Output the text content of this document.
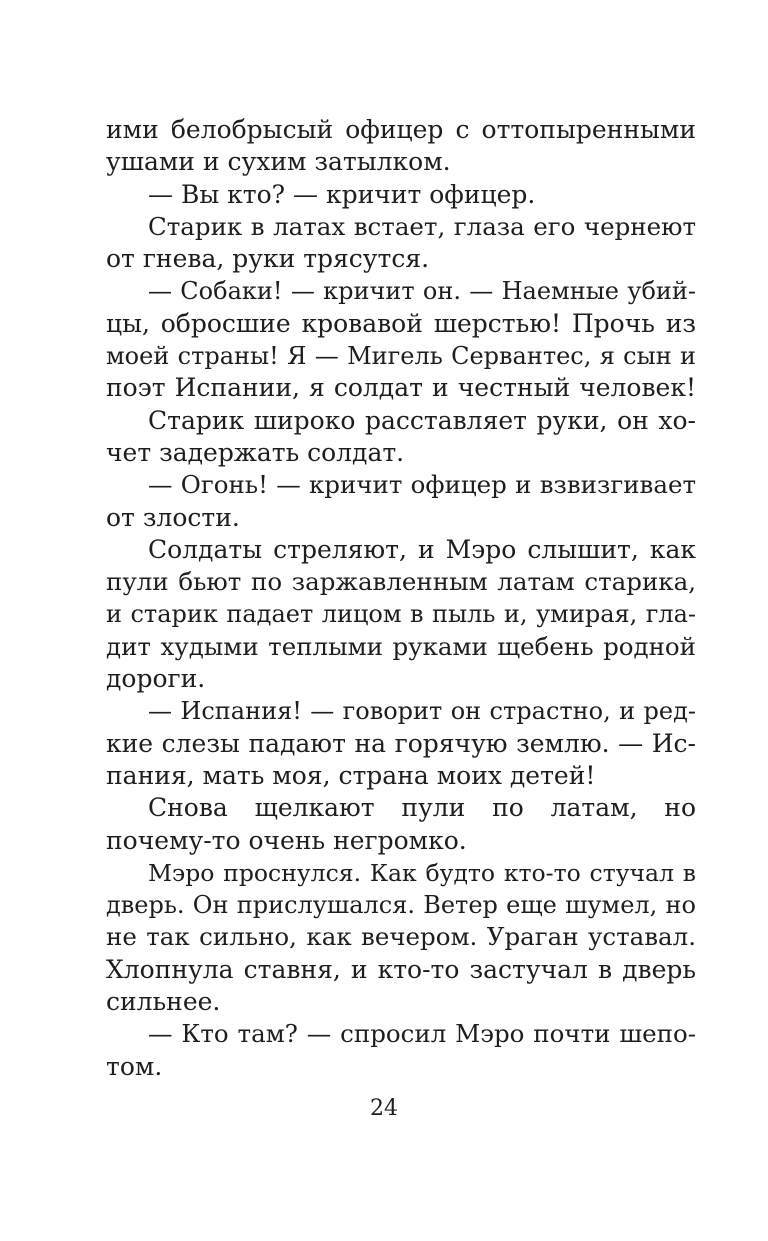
ими белобрысый офицер с оттопыренными
ушами и сухим затылком.
— Вы кто? — кричит офицер.
Старик в латах встает, глаза его чернеют
от гнева, руки трясутся.
— Собаки! — кричит он. — Наемные убий-
цы, обросшие кровавой шерстью! Прочь из
моей страны! Я — Мигель Сервантес, я сын и
поэт Испании, я солдат и честный человек!
Старик широко расставляет руки, он хо-
чет задержать солдат.
— Огонь! — кричит офицер и взвизгивает
от злости.
Солдаты стреляют, и Мэро слышит, как
пули бьют по заржавленным латам старика,
и старик падает лицом в пыль и, умирая, гла-
дит худыми теплыми руками щебень родной
дороги.
— Испания! — говорит он страстно, и ред-
кие слезы падают на горячую землю. — Ис-
пания, мать моя, страна моих детей!
Снова щелкают пули по латам, но
почему-то очень негромко.
Мэро проснулся. Как будто кто-то стучал в
дверь. Он прислушался. Ветер еще шумел, но
не так сильно, как вечером. Ураган уставал.
Хлопнула ставня, и кто-то застучал в дверь
сильнее.
— Кто там? — спросил Мэро почти шепо-
том.
24
